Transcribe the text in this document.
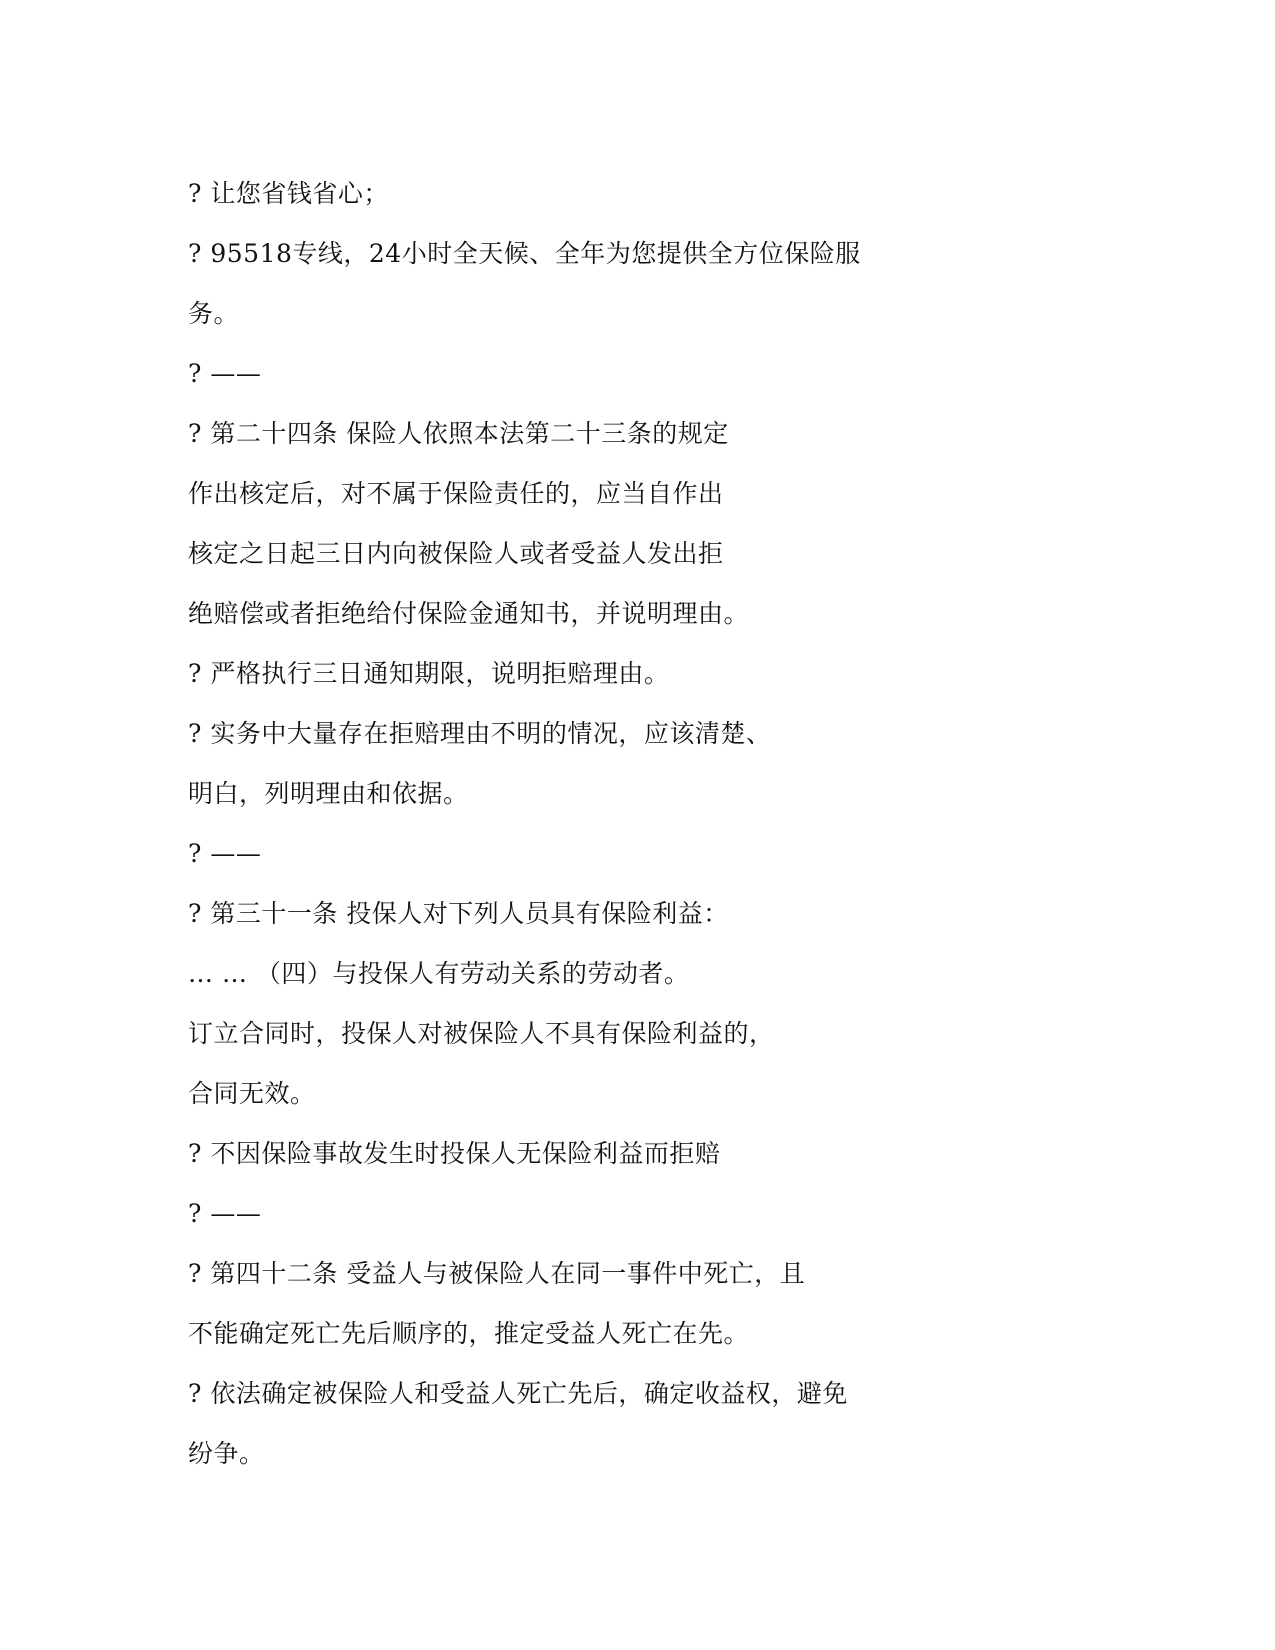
? 让您省钱省心；
? 95518专线，24小时全天候、全年为您提供全方位保险服
务。
? ——
? 第二十四条 保险人依照本法第二十三条的规定
作出核定后，对不属于保险责任的，应当自作出
核定之日起三日内向被保险人或者受益人发出拒
绝赔偿或者拒绝给付保险金通知书，并说明理由。
? 严格执行三日通知期限，说明拒赔理由。
? 实务中大量存在拒赔理由不明的情况，应该清楚、
明白，列明理由和依据。
? ——
? 第三十一条 投保人对下列人员具有保险利益：
… … （四）与投保人有劳动关系的劳动者。
订立合同时，投保人对被保险人不具有保险利益的，
合同无效。
? 不因保险事故发生时投保人无保险利益而拒赔
? ——
? 第四十二条 受益人与被保险人在同一事件中死亡，且
不能确定死亡先后顺序的，推定受益人死亡在先。
? 依法确定被保险人和受益人死亡先后，确定收益权，避免
纷争。
